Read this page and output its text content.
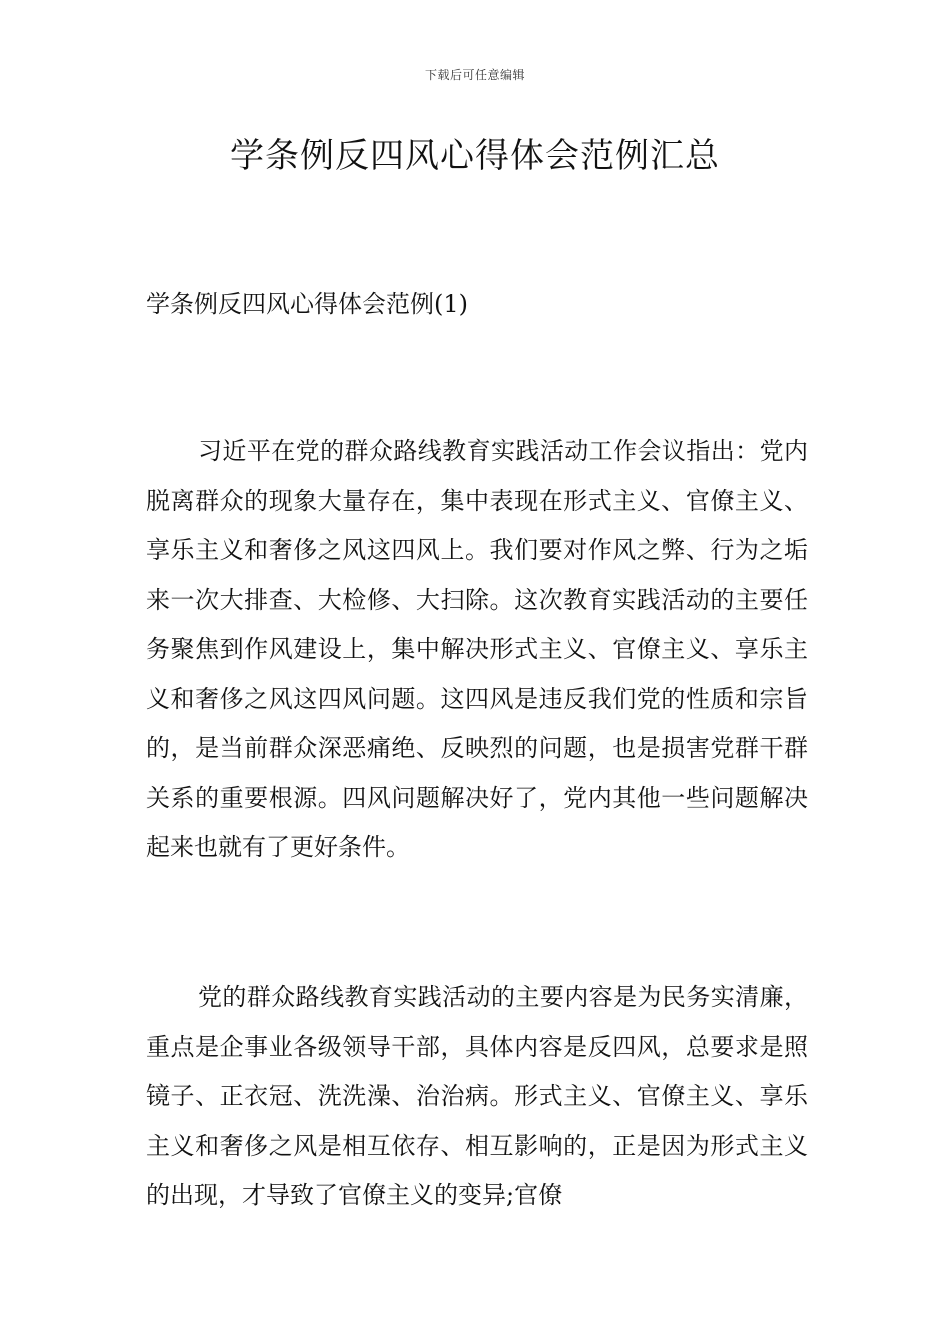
下载后可任意编辑
学条例反四风心得体会范例汇总
学条例反四风心得体会范例(1)

习近平在党的群众路线教育实践活动工作会议指出：党内脱离群众的现象大量存在，集中表现在形式主义、官僚主义、享乐主义和奢侈之风这四风上。我们要对作风之弊、行为之垢来一次大排查、大检修、大扫除。这次教育实践活动的主要任务聚焦到作风建设上，集中解决形式主义、官僚主义、享乐主义和奢侈之风这四风问题。这四风是违反我们党的性质和宗旨的，是当前群众深恶痛绝、反映烈的问题，也是损害党群干群关系的重要根源。四风问题解决好了，党内其他一些问题解决起来也就有了更好条件。

党的群众路线教育实践活动的主要内容是为民务实清廉，重点是企事业各级领导干部，具体内容是反四风，总要求是照镜子、正衣冠、洗洗澡、治治病。形式主义、官僚主义、享乐主义和奢侈之风是相互依存、相互影响的，正是因为形式主义的出现，才导致了官僚主义的变异;官僚
